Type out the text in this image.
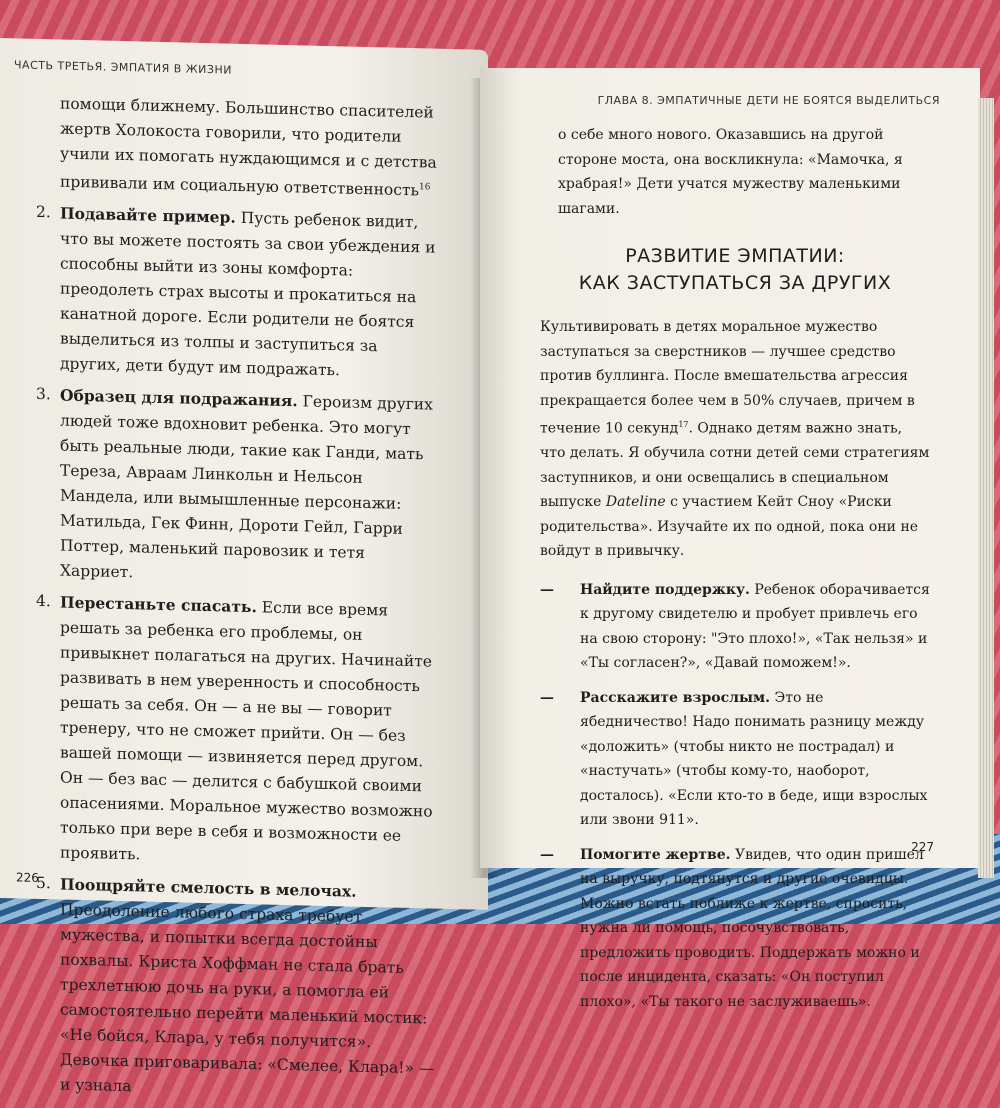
ЧАСТЬ ТРЕТЬЯ. ЭМПАТИЯ В ЖИЗНИ

помощи ближнему. Большинство спасителей жертв Холокоста говорили, что родители учили их помогать нуждающимся и с детства прививали им социальную ответственность$^{16}$

2. Подавайте пример. Пусть ребенок видит, что вы можете постоять за свои убеждения и способны выйти из зоны комфорта: преодолеть страх высоты и прокатиться на канатной дороге. Если родители не боятся выделиться из толпы и заступиться за других, дети будут им подражать.

3. Образец для подражания. Героизм других людей тоже вдохновит ребенка. Это могут быть реальные люди, такие как Ганди, мать Тереза, Авраам Линкольн и Нельсон Мандела, или вымышленные персонажи: Матильда, Гек Финн, Дороти Гейл, Гарри Поттер, маленький паровозик и тетя Харриет.

4. Перестаньте спасать. Если все время решать за ребенка его проблемы, он привыкнет полагаться на других. Начинайте развивать в нем уверенность и способность решать за себя. Он — а не вы — говорит тренеру, что не сможет прийти. Он — без вашей помощи — извиняется перед другом. Он — без вас — делится с бабушкой своими опасениями. Моральное мужество возможно только при вере в себя и возможности ее проявить.

5. Поощряйте смелость в мелочах. Преодоление любого страха требует мужества, и попытки всегда достойны похвалы. Криста Хоффман не стала брать трехлетнюю дочь на руки, а помогла ей самостоятельно перейти маленький мостик: «Не бойся, Клара, у тебя получится». Девочка приговаривала: «Смелее, Клара!» — и узнала

226
ГЛАВА 8. ЭМПАТИЧНЫЕ ДЕТИ НЕ БОЯТСЯ ВЫДЕЛИТЬСЯ

о себе много нового. Оказавшись на другой стороне моста, она воскликнула: «Мамочка, я храбрая!» Дети учатся мужеству маленькими шагами.

РАЗВИТИЕ ЭМПАТИИ:
КАК ЗАСТУПАТЬСЯ ЗА ДРУГИХ

Культивировать в детях моральное мужество заступаться за сверстников — лучшее средство против буллинга. После вмешательства агрессия прекращается более чем в 50% случаев, причем в течение 10 секунд$^{17}$. Однако детям важно знать, что делать. Я обучила сотни детей семи стратегиям заступников, и они освещались в специальном выпуске Dateline с участием Кейт Сноу «Риски родительства». Изучайте их по одной, пока они не войдут в привычку.

— Найдите поддержку. Ребенок оборачивается к другому свидетелю и пробует привлечь его на свою сторону: "Это плохо!», «Так нельзя» и «Ты согласен?», «Давай поможем!».

— Расскажите взрослым. Это не ябедничество! Надо понимать разницу между «доложить» (чтобы никто не пострадал) и «настучать» (чтобы кому-то, наоборот, досталось). «Если кто-то в беде, ищи взрослых или звони 911».

— Помогите жертве. Увидев, что один пришел на выручку, подтянутся и другие очевидцы. Можно встать поближе к жертве, спросить, нужна ли помощь, посочувствовать, предложить проводить. Поддержать можно и после инцидента, сказать: «Он поступил плохо», «Ты такого не заслуживаешь».

227
